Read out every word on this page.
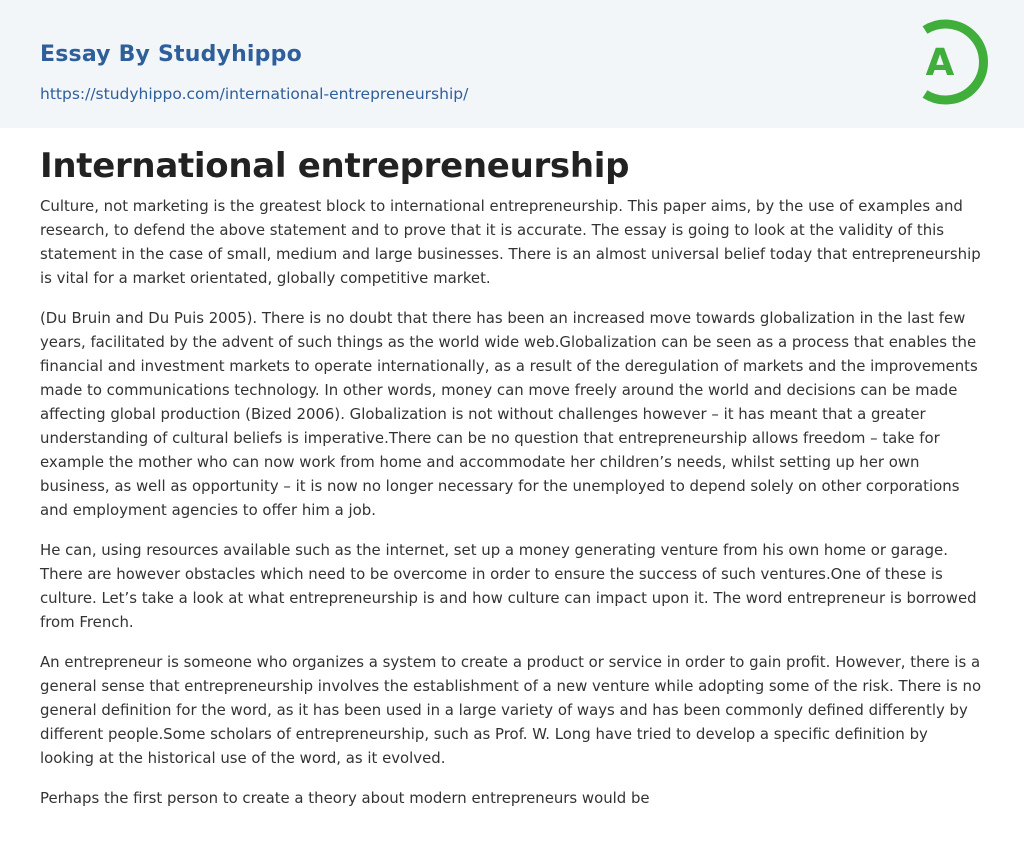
Essay By Studyhippo
https://studyhippo.com/international-entrepreneurship/
A
International entrepreneurship

Culture, not marketing is the greatest block to international entrepreneurship. This paper aims, by the use of examples and research, to defend the above statement and to prove that it is accurate. The essay is going to look at the validity of this statement in the case of small, medium and large businesses. There is an almost universal belief today that entrepreneurship is vital for a market orientated, globally competitive market.

(Du Bruin and Du Puis 2005). There is no doubt that there has been an increased move towards globalization in the last few years, facilitated by the advent of such things as the world wide web.Globalization can be seen as a process that enables the financial and investment markets to operate internationally, as a result of the deregulation of markets and the improvements made to communications technology. In other words, money can move freely around the world and decisions can be made affecting global production (Bized 2006). Globalization is not without challenges however – it has meant that a greater understanding of cultural beliefs is imperative.There can be no question that entrepreneurship allows freedom – take for example the mother who can now work from home and accommodate her children’s needs, whilst setting up her own business, as well as opportunity – it is now no longer necessary for the unemployed to depend solely on other corporations and employment agencies to offer him a job.

He can, using resources available such as the internet, set up a money generating venture from his own home or garage. There are however obstacles which need to be overcome in order to ensure the success of such ventures.One of these is culture. Let’s take a look at what entrepreneurship is and how culture can impact upon it. The word entrepreneur is borrowed from French.

An entrepreneur is someone who organizes a system to create a product or service in order to gain profit. However, there is a general sense that entrepreneurship involves the establishment of a new venture while adopting some of the risk. There is no general definition for the word, as it has been used in a large variety of ways and has been commonly defined differently by different people.Some scholars of entrepreneurship, such as Prof. W. Long have tried to develop a specific definition by looking at the historical use of the word, as it evolved.

Perhaps the first person to create a theory about modern entrepreneurs would be
